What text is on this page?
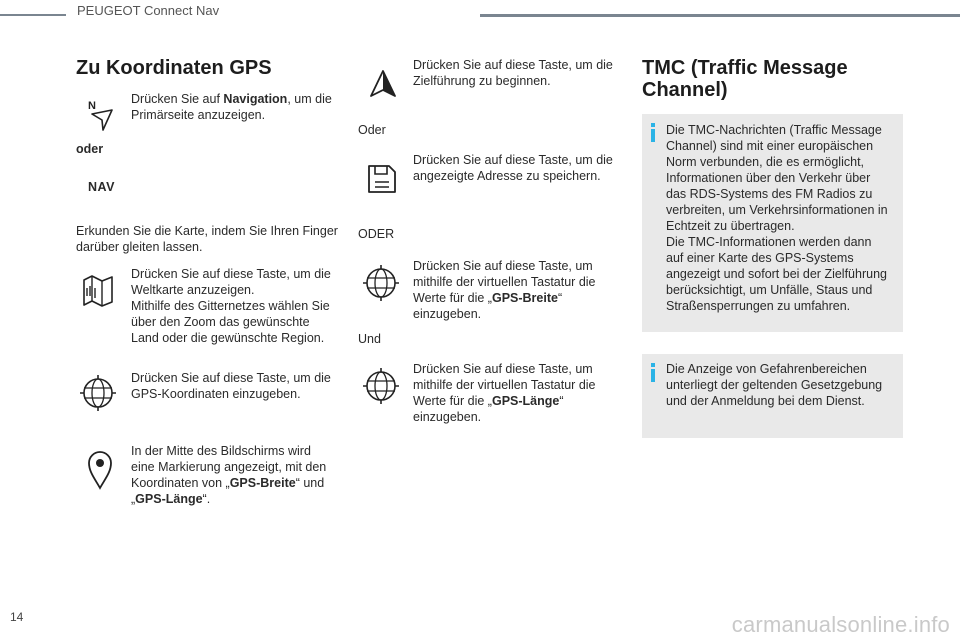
PEUGEOT Connect Nav
Zu Koordinaten GPS
N	Drücken Sie auf Navigation, um die Primärseite anzuzeigen.
oder
NAV
Erkunden Sie die Karte, indem Sie Ihren Finger darüber gleiten lassen.
Drücken Sie auf diese Taste, um die Weltkarte anzuzeigen.
Mithilfe des Gitternetzes wählen Sie über den Zoom das gewünschte Land oder die gewünschte Region.
Drücken Sie auf diese Taste, um die GPS-Koordinaten einzugeben.
In der Mitte des Bildschirms wird eine Markierung angezeigt, mit den Koordinaten von „GPS-Breite“ und „GPS-Länge“.
Drücken Sie auf diese Taste, um die Zielführung zu beginnen.
Oder
Drücken Sie auf diese Taste, um die angezeigte Adresse zu speichern.
ODER
Drücken Sie auf diese Taste, um mithilfe der virtuellen Tastatur die Werte für die „GPS-Breite“ einzugeben.
Und
Drücken Sie auf diese Taste, um mithilfe der virtuellen Tastatur die Werte für die „GPS-Länge“ einzugeben.
TMC (Traffic Message
Channel)
Die TMC-Nachrichten (Traffic Message Channel) sind mit einer europäischen Norm verbunden, die es ermöglicht, Informationen über den Verkehr über das RDS-Systems des FM Radios zu verbreiten, um Verkehrsinformationen in Echtzeit zu übertragen.
Die TMC-Informationen werden dann auf einer Karte des GPS-Systems angezeigt und sofort bei der Zielführung berücksichtigt, um Unfälle, Staus und Straßensperrungen zu umfahren.
Die Anzeige von Gefahrenbereichen unterliegt der geltenden Gesetzgebung und der Anmeldung bei dem Dienst.
14	carmanualsonline.info
